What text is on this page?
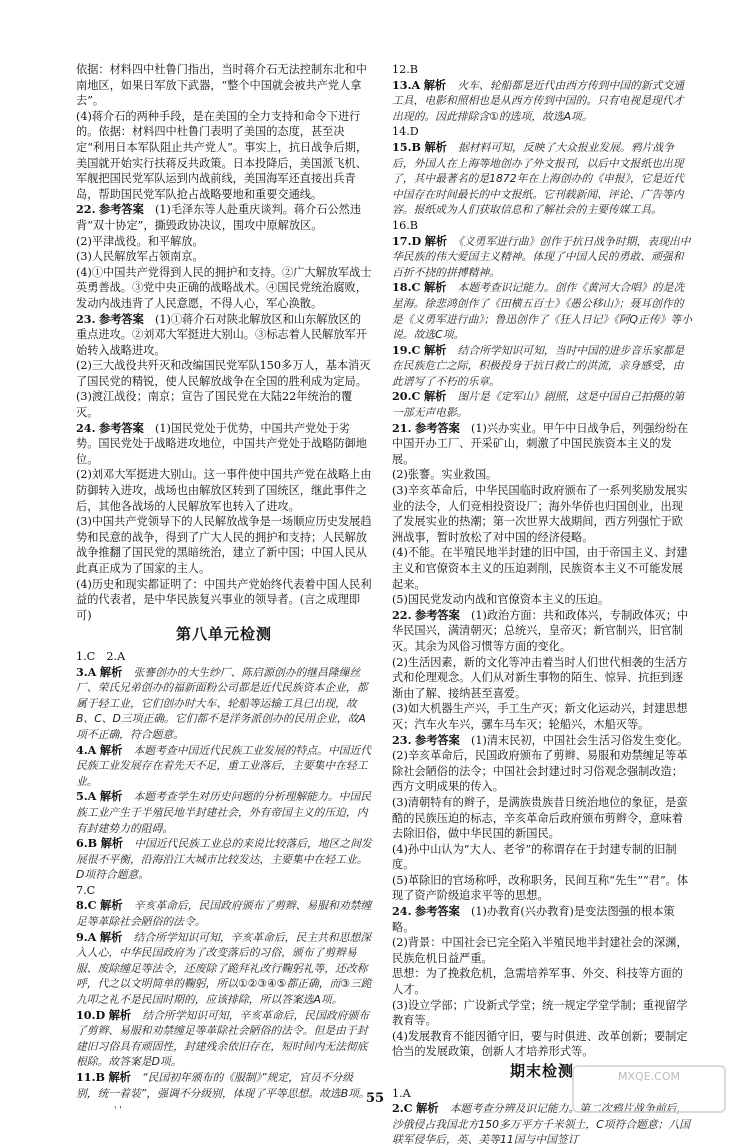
依据：材料四中杜鲁门指出，当时蒋介石无法控制东北和中南地区，如果日军放下武器，“整个中国就会被共产党人拿去”。

(4)蒋介石的两种手段，是在美国的全力支持和命令下进行的。依据：材料四中杜鲁门表明了美国的态度，甚至决定“利用日本军队阻止共产党人”。事实上，抗日战争后期，美国就开始实行扶蒋反共政策。日本投降后，美国派飞机、军舰把国民党军队运到内战前线，美国海军还直接出兵青岛，帮助国民党军队抢占战略要地和重要交通线。

22. 参考答案　 (1)毛泽东等人赴重庆谈判。蒋介石公然违背“双十协定”，撕毁政协决议，围攻中原解放区。

(2)平津战役。和平解放。

(3)人民解放军占领南京。

(4)①中国共产党得到人民的拥护和支持。②广大解放军战士英勇善战。③党中央正确的战略战术。④国民党统治腐败，发动内战违背了人民意愿，不得人心，军心涣散。

23. 参考答案　 (1)①蒋介石对陕北解放区和山东解放区的重点进攻。②刘邓大军挺进大别山。③标志着人民解放军开始转入战略进攻。

(2)三大战役共歼灭和改编国民党军队150多万人，基本消灭了国民党的精锐，使人民解放战争在全国的胜利成为定局。

(3)渡江战役；南京；宣告了国民党在大陆22年统治的覆灭。

24. 参考答案　 (1)国民党处于优势，中国共产党处于劣势。国民党处于战略进攻地位，中国共产党处于战略防御地位。

(2)刘邓大军挺进大别山。这一事件使中国共产党在战略上由防御转入进攻，战场也由解放区转到了国统区，继此事件之后，其他各战场的人民解放军也转入了进攻。

(3)中国共产党领导下的人民解放战争是一场顺应历史发展趋势和民意的战争，得到了广大人民的拥护和支持；人民解放战争推翻了国民党的黑暗统治，建立了新中国；中国人民从此真正成为了国家的主人。

(4)历史和现实都证明了：中国共产党始终代表着中国人民利益的代表者，是中华民族复兴事业的领导者。(言之成理即可)

第八单元检测

1.C　2.A

3.A 解析　 张謇创办的大生纱厂、陈启源创办的继昌隆缫丝厂、荣氏兄弟创办的福新面粉公司都是近代民族资本企业，都属于轻工业，它们创办时大车、轮船等运输工具已出现，故B、C、D三项正确。它们都不是洋务派创办的民用企业，故A项不正确，符合题意。

4.A 解析　 本题考查中国近代民族工业发展的特点。中国近代民族工业发展存在着先天不足，重工业落后，主要集中在轻工业。

5.A 解析　 本题考查学生对历史问题的分析理解能力。中国民族工业产生于半殖民地半封建社会，外有帝国主义的压迫，内有封建势力的阻碍。

6.B 解析　 中国近代民族工业总的来说比较落后，地区之间发展很不平衡，沿海沿江大城市比较发达，主要集中在轻工业。D项符合题意。

7.C

8.C 解析　 辛亥革命后，民国政府颁布了剪辫、易服和劝禁缠足等革除社会陋俗的法令。

9.A 解析　 结合所学知识可知，辛亥革命后，民主共和思想深入人心，中华民国政府为了改变落后的习俗，颁布了剪辫易服、废除缠足等法令，还废除了跪拜礼改行鞠躬礼等，还改称呼，代之以文明简单的鞠躬，所以①②③④⑤都正确，而③三跪九叩之礼不是民国时期的，应该排除，所以答案选A项。

10.D 解析　 结合所学知识可知，辛亥革命后，民国政府颁布了剪辫、易服和劝禁缠足等革除社会陋俗的法令。但是由于封建旧习俗具有顽固性，封建残余依旧存在，短时间内无法彻底根除。故答案是D项。

11.B 解析　 “民国初年颁布的《服制》”规定，官员不分级别，统一着装”，强调不分级别，体现了平等思想。故选B项。

12.B

13.A 解析　 火车、轮船都是近代由西方传到中国的新式交通工具，电影和照相也是从西方传到中国的。只有电视是现代才出现的。因此排除含①的选项，故选A项。

14.D

15.B 解析　 据材料可知，反映了大众报业发展。鸦片战争后，外国人在上海等地创办了外文报刊，以后中文报纸也出现了，其中最著名的是1872年在上海创办的《申报》，它是近代中国存在时间最长的中文报纸。它刊载新闻、评论、广告等内容。报纸成为人们获取信息和了解社会的主要传媒工具。

16.B

17.D 解析　 《义勇军进行曲》创作于抗日战争时期，表现出中华民族的伟大爱国主义精神。体现了中国人民的勇敢、顽强和百折不挠的拼搏精神。

18.C 解析　 本题考查识记能力。创作《黄河大合唱》的是冼星海。徐悲鸿创作了《田横五百士》《愚公移山》；聂耳创作的是《义勇军进行曲》；鲁迅创作了《狂人日记》《阿Q正传》等小说。故选C项。

19.C 解析　 结合所学知识可知，当时中国的进步音乐家都是在民族危亡之际，积极投身于抗日救亡的洪流，亲身感受，由此谱写了不朽的乐章。

20.C 解析　 图片是《定军山》剧照，这是中国自己拍摄的第一部无声电影。

21. 参考答案　 (1)兴办实业。甲午中日战争后，列强纷纷在中国开办工厂、开采矿山，刺激了中国民族资本主义的发展。

(2)张謇。实业救国。

(3)辛亥革命后，中华民国临时政府颁布了一系列奖励发展实业的法令，人们竞相投资设厂；海外华侨也归国创业，出现了发展实业的热潮；第一次世界大战期间，西方列强忙于欧洲战事，暂时放松了对中国的经济侵略。

(4)不能。在半殖民地半封建的旧中国，由于帝国主义、封建主义和官僚资本主义的压迫剥削，民族资本主义不可能发展起来。

(5)国民党发动内战和官僚资本主义的压迫。

22. 参考答案　 (1)政治方面：共和政体兴，专制政体灭；中华民国兴，满清朝灭；总统兴，皇帝灭；新官制兴，旧官制灭。其余为风俗习惯等方面的变化。

(2)生活因素，新的文化等冲击着当时人们世代相袭的生活方式和伦理观念。人们从对新生事物的陌生、惊异、抗拒到逐渐由了解、接纳甚至喜爱。

(3)如大机器生产兴，手工生产灭；新文化运动兴，封建思想灭；汽车火车兴，骡车马车灭；轮船兴，木船灭等。

23. 参考答案　 (1)清末民初，中国社会生活习俗发生变化。

(2)辛亥革命后，民国政府颁布了剪辫、易服和劝禁缠足等革除社会陋俗的法令；中国社会封建过时习俗观念强制改造；西方文明成果的传入。

(3)清朝特有的辫子，是满族贵族昔日统治地位的象征，是蛮酷的民族压迫的标志，辛亥革命后政府颁布剪辫令，意味着去除旧俗，做中华民国的新国民。

(4)孙中山认为“大人、老爷”的称谓存在于封建专制的旧制度。

(5)革除旧的官场称呼，改称职务，民间互称“先生”“君”。体现了资产阶级追求平等的思想。

24. 参考答案　 (1)办教育(兴办教育)是变法图强的根本策略。

(2)背景：中国社会已完全陷入半殖民地半封建社会的深渊，民族危机日益严重。

思想：为了挽救危机，急需培养军事、外交、科技等方面的人才。

(3)设立学部；广设新式学堂；统一规定学堂学制；重视留学教育等。

(4)发展教育不能因循守旧，要与时俱进、改革创新；要制定恰当的发展政策，创新人才培养形式等。

期末检测

1.A

2.C 解析　 本题考查分辨及识记能力。第二次鸦片战争前后，沙俄侵占我国北方150多万平方千米领土，C项符合题意；八国联军侵华后，英、美等11国与中国签订

55
' '
MXQE.COM
